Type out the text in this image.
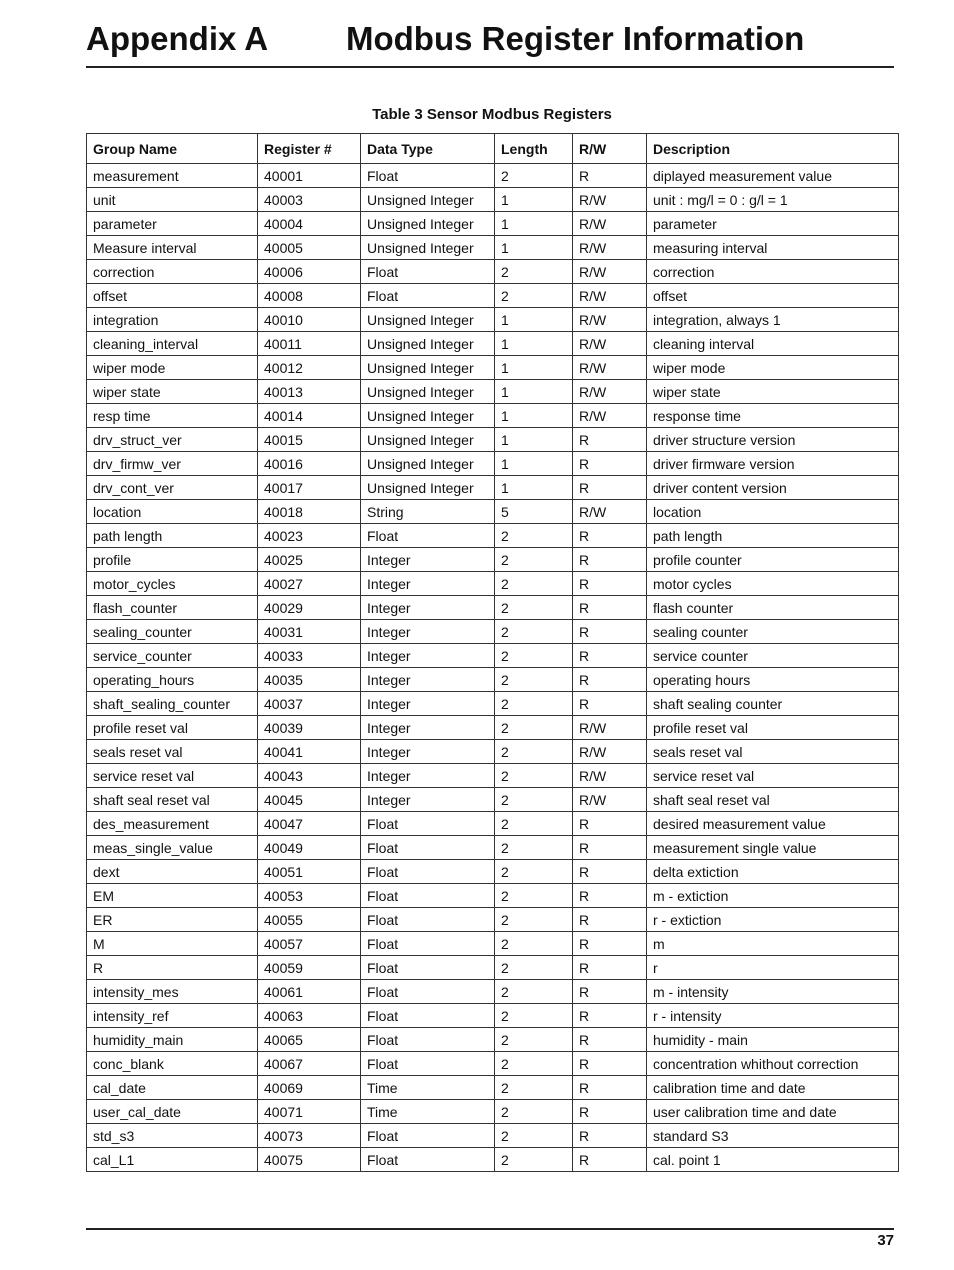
Appendix A Modbus Register Information
Table 3 Sensor Modbus Registers
Group Name	Register #	Data Type	Length	R/W	Description
measurement	40001	Float	2	R	diplayed measurement value
unit	40003	Unsigned Integer	1	R/W	unit : mg/l = 0 : g/l = 1
parameter	40004	Unsigned Integer	1	R/W	parameter
Measure interval	40005	Unsigned Integer	1	R/W	measuring interval
correction	40006	Float	2	R/W	correction
offset	40008	Float	2	R/W	offset
integration	40010	Unsigned Integer	1	R/W	integration, always 1
cleaning_interval	40011	Unsigned Integer	1	R/W	cleaning interval
wiper mode	40012	Unsigned Integer	1	R/W	wiper mode
wiper state	40013	Unsigned Integer	1	R/W	wiper state
resp time	40014	Unsigned Integer	1	R/W	response time
drv_struct_ver	40015	Unsigned Integer	1	R	driver structure version
drv_firmw_ver	40016	Unsigned Integer	1	R	driver firmware version
drv_cont_ver	40017	Unsigned Integer	1	R	driver content version
location	40018	String	5	R/W	location
path length	40023	Float	2	R	path length
profile	40025	Integer	2	R	profile counter
motor_cycles	40027	Integer	2	R	motor cycles
flash_counter	40029	Integer	2	R	flash counter
sealing_counter	40031	Integer	2	R	sealing counter
service_counter	40033	Integer	2	R	service counter
operating_hours	40035	Integer	2	R	operating hours
shaft_sealing_counter	40037	Integer	2	R	shaft sealing counter
profile reset val	40039	Integer	2	R/W	profile reset val
seals reset val	40041	Integer	2	R/W	seals reset val
service reset val	40043	Integer	2	R/W	service reset val
shaft seal reset val	40045	Integer	2	R/W	shaft seal reset val
des_measurement	40047	Float	2	R	desired measurement value
meas_single_value	40049	Float	2	R	measurement single value
dext	40051	Float	2	R	delta extiction
EM	40053	Float	2	R	m - extiction
ER	40055	Float	2	R	r - extiction
M	40057	Float	2	R	m
R	40059	Float	2	R	r
intensity_mes	40061	Float	2	R	m - intensity
intensity_ref	40063	Float	2	R	r - intensity
humidity_main	40065	Float	2	R	humidity - main
conc_blank	40067	Float	2	R	concentration whithout correction
cal_date	40069	Time	2	R	calibration time and date
user_cal_date	40071	Time	2	R	user calibration time and date
std_s3	40073	Float	2	R	standard S3
cal_L1	40075	Float	2	R	cal. point 1
37
